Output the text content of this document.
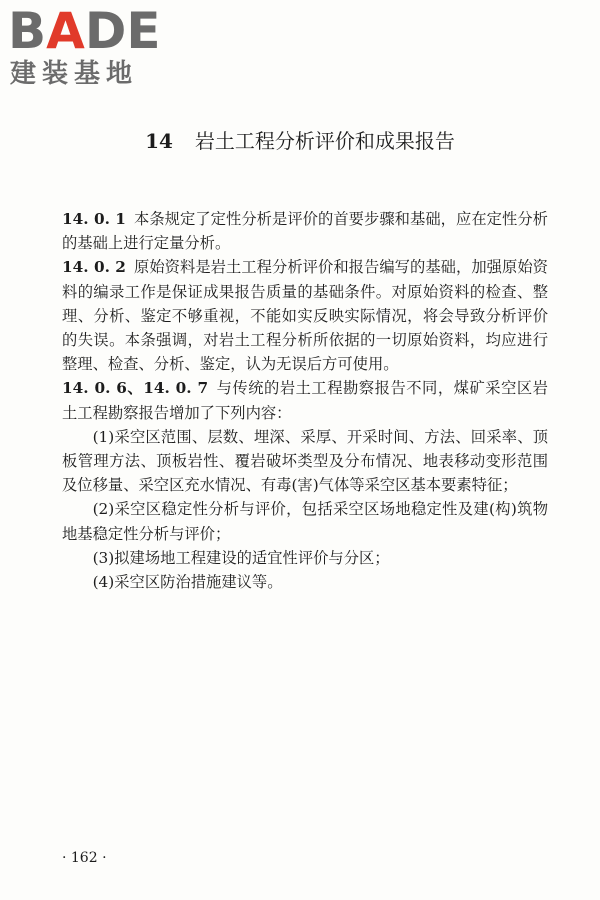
BADE
建装基地
14 岩土工程分析评价和成果报告

14. 0. 1 本条规定了定性分析是评价的首要步骤和基础，应在定性分析的基础上进行定量分析。

14. 0. 2 原始资料是岩土工程分析评价和报告编写的基础，加强原始资料的编录工作是保证成果报告质量的基础条件。对原始资料的检查、整理、分析、鉴定不够重视，不能如实反映实际情况，将会导致分析评价的失误。本条强调，对岩土工程分析所依据的一切原始资料，均应进行整理、检查、分析、鉴定，认为无误后方可使用。

14. 0. 6、14. 0. 7 与传统的岩土工程勘察报告不同，煤矿采空区岩土工程勘察报告增加了下列内容：

(1)采空区范围、层数、埋深、采厚、开采时间、方法、回采率、顶板管理方法、顶板岩性、覆岩破坏类型及分布情况、地表移动变形范围及位移量、采空区充水情况、有毒(害)气体等采空区基本要素特征；

(2)采空区稳定性分析与评价，包括采空区场地稳定性及建(构)筑物地基稳定性分析与评价；

(3)拟建场地工程建设的适宜性评价与分区；

(4)采空区防治措施建议等。

· 162 ·
